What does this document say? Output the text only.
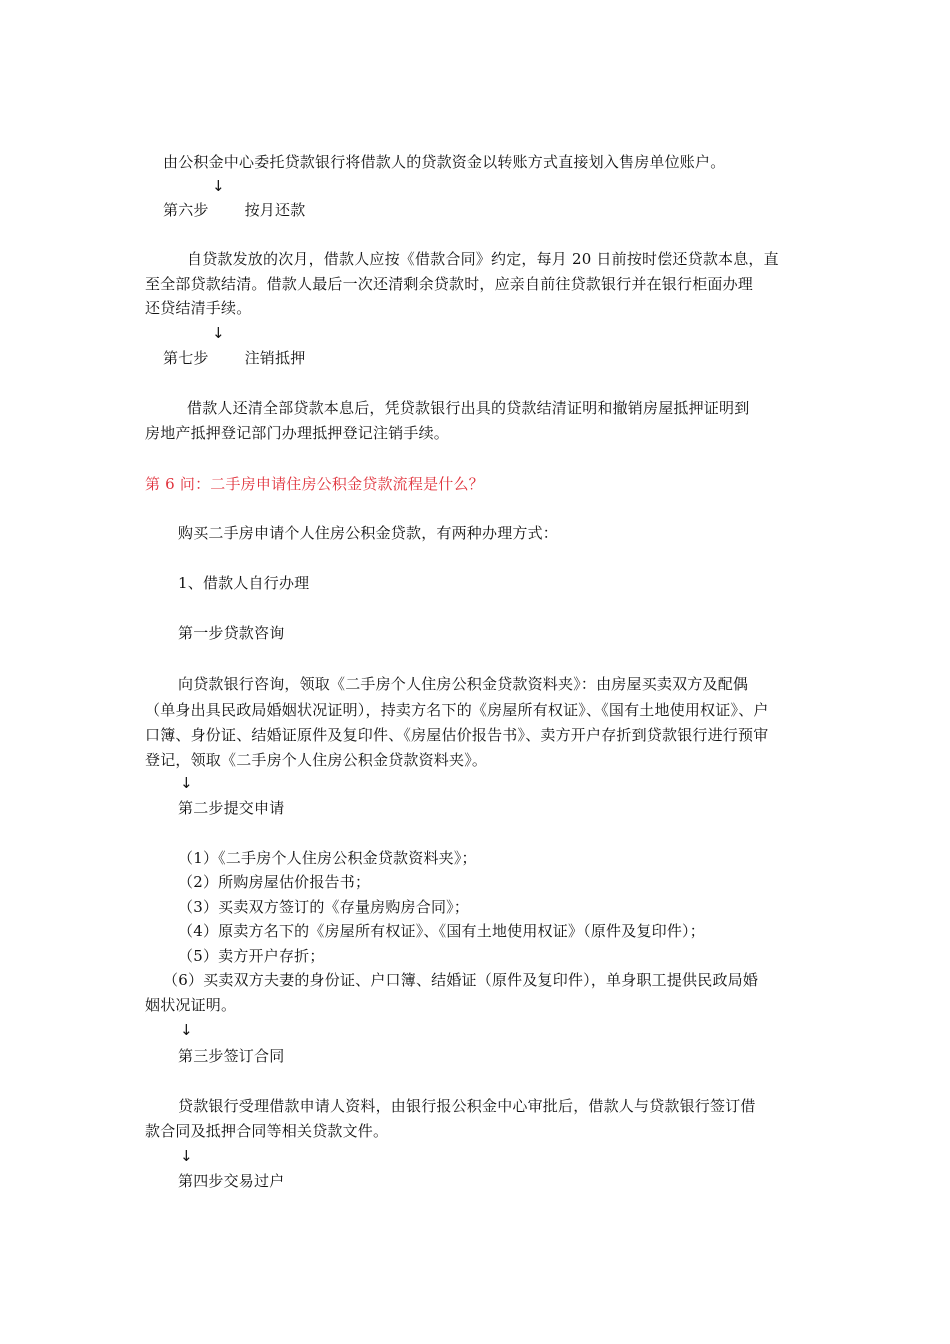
由公积金中心委托贷款银行将借款人的贷款资金以转账方式直接划入售房单位账户。
↓
第六步 按月还款
自贷款发放的次月，借款人应按《借款合同》约定，每月 20 日前按时偿还贷款本息，直
至全部贷款结清。借款人最后一次还清剩余贷款时，应亲自前往贷款银行并在银行柜面办理
还贷结清手续。
↓
第七步 注销抵押
借款人还清全部贷款本息后，凭贷款银行出具的贷款结清证明和撤销房屋抵押证明到
房地产抵押登记部门办理抵押登记注销手续。
第 6 问：二手房申请住房公积金贷款流程是什么？
购买二手房申请个人住房公积金贷款，有两种办理方式：
1、借款人自行办理
第一步贷款咨询
向贷款银行咨询，领取《二手房个人住房公积金贷款资料夹》：由房屋买卖双方及配偶
（单身出具民政局婚姻状况证明），持卖方名下的《房屋所有权证》、《国有土地使用权证》、户
口簿、身份证、结婚证原件及复印件、《房屋估价报告书》、卖方开户存折到贷款银行进行预审
登记，领取《二手房个人住房公积金贷款资料夹》。
↓
第二步提交申请
（1）《二手房个人住房公积金贷款资料夹》；
（2）所购房屋估价报告书；
（3）买卖双方签订的《存量房购房合同》；
（4）原卖方名下的《房屋所有权证》、《国有土地使用权证》（原件及复印件）；
（5）卖方开户存折；
（6）买卖双方夫妻的身份证、户口簿、结婚证（原件及复印件），单身职工提供民政局婚
姻状况证明。
↓
第三步签订合同
贷款银行受理借款申请人资料，由银行报公积金中心审批后，借款人与贷款银行签订借
款合同及抵押合同等相关贷款文件。
↓
第四步交易过户
